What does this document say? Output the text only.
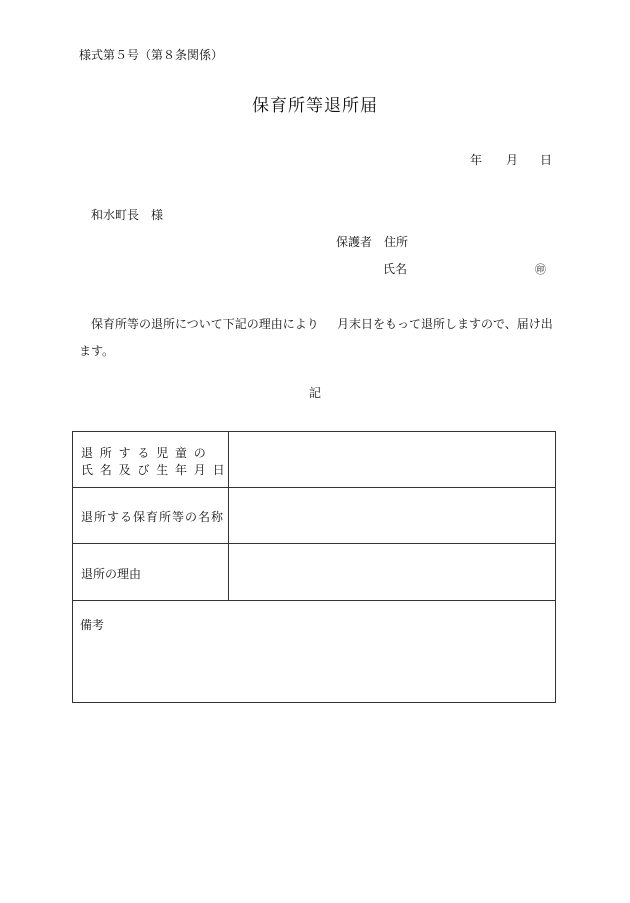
様式第５号（第８条関係）
保育所等退所届
年 月 日
和水町長　様
保護者　住所
氏名	㊞
保育所等の退所について下記の理由により 月末日をもって退所しますので、届け出
ます。
記
退所する児童の
氏名及び生年月日
退所する保育所等の名称
退所の理由
備考
